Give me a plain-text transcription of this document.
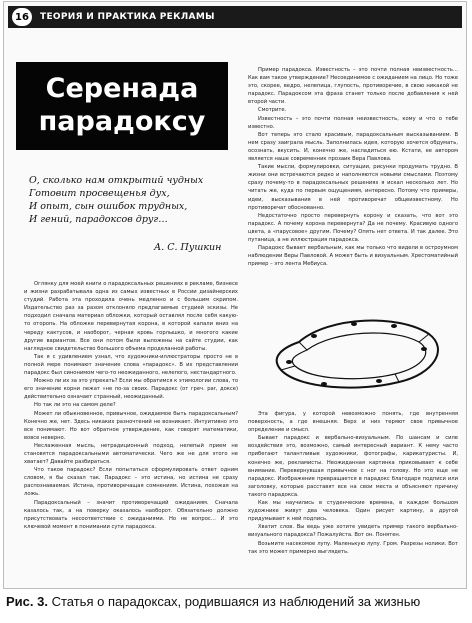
16	ТЕОРИЯ И ПРАКТИКА РЕКЛАМЫ
Серенада
парадоксу
О, сколько нам открытий чудных
Готовит просвещенья дух,
И опыт, сын ошибок трудных,
И гений, парадоксов друг…
А. С. Пушкин

Оглянку для моей книги о парадоксальных решениях в рекламе, бизнесе и жизни разрабатывала одна из самых известных в России дизайнерских студий. Работа эта проходила очень медленно и с большим скрипом. Издательство раз за разом отклоняло предлагаемые студией эскизы. Не подходил сначала материал обложки, который оставлял после себя какую-то оторопь. На обложке перевернутая корона, в которой капали вниз на череду кактусов, и наоборот, черная кровь горлышко, и многого какие другие вариантов. Все они потом были выложены на сайте студии, как наглядное свидетельство большого объема проделанной работы.

Так я с удивлением узнал, что художники-иллюстраторы просто не в полной мере понимают значение слова «парадокс». В их представлении парадокс был синонимом чего-то неожиданного, нелепого, нестандартного.

Можно ли их за это упрекать? Если мы обратимся к этимологии слова, то его значение корни лежат «не по-за своих. Парадокс (от греч. par, доксе) действительно означает странный, неожиданный.

Но так ли это на самом деле?

Может ли обыкновенное, привычное, ожидаемое быть парадоксальным? Конечно же, нет. Здесь никаких разночтений не возникает. Интуитивно это все понимают. Но вот обратное утверждение, как говорят математики, вовсе неверно.

Неслаженная мысль, нетрадиционный подход, нелепый прием не становятся парадоксальными автоматически. Чего же не для этого не хватает? Давайте разбираться.

Что такое парадокс? Если попытаться сформулировать ответ одним словом, я бы сказал так. Парадокс – это истина, но истина не сразу распознаваемая. Истина, противоречащая сомнениям. Истина, похожая на ложь.

Парадоксальный – значит противоречащий ожиданиям. Сначала казалось так, а на поверку оказалось наоборот. Обязательно должно присутствовать несоответствие с ожиданиями. Но не вопрос… И это ключевой момент в понимании сути парадокса.

Пример парадокса. Известность – это почти полная неизвестность… Как вам такое утверждение? Несоединимое с ожиданием на лицо. Но тоже это, скорее, ведро, нелепица, глупость, противоречие, в свою никакой не парадокс. Парадоксом эта фраза станет только после добавления к ней второй части.

Смотрите.

Известность – это почти полная неизвестность, кому и что о тебе известно.

Вот теперь это стало красивым, парадоксальным высказыванием. В нем сразу заиграла мысль. Заполнилась идея, которую хочется обдумать, осознать, вкусить. И, конечно же, насладиться ею. Кстати, ее автором является наше современник прозаик Вера Павлова.

Такие мысли, формулировки, ситуации, рисунки продумать трудно. В жизни они встречаются редко и наполняются новыми смыслами. Поэтому сразу почему-то в парадоксальных решениях я искал несколько лет. Но читать же, куда по первым ощущениям, интересно. Потому что примеры, идеи, высказывания в ней противоречат общеизвестному. Но противоречат обоснованно.

Недостаточно просто перевернуть корону и сказать, что вот это парадокс. А почему корона перевернута? Да не почему. Красивую одного цвета, а «парусовое» другим. Почему? Опять нет ответа. И так далее. Это путаница, а не иллюстрация парадокса.

Парадокс бывает вербальным, как мы только что видели в остроумном наблюдении Веры Павловой. А может быть и визуальным. Хрестоматийный пример – это лента Мебиуса.

Эта фигура, у которой невозможно понять, где внутренняя поверхность, а где внешняя. Верх и низ теряют свое привычное определение и смысл.

Бывает парадокс и вербально-визуальным. По шансам и силе воздействия это, возможно, самый интересный вариант. К нему часто прибегают талантливые художники, фотографы, карикатуристы. И, конечно же, рекламисты. Неожиданная картинка приковывает к себе внимание. Перевернувшая привычное с ног на голову. Но это еще не парадокс. Изображение превращается в парадокс благодаря подписи или заголовку, которые расставят все на свои места и объясняют причину такого парадокса.

Как мы научились в студенческие времена, в каждом большом художнике живут два человека. Один рисует картину, а другой придумывает к ней подпись.

Хватит слов. Вы ведь уже хотите увидеть пример такого вербально-визуального парадокса? Пожалуйста. Вот он. Понятен.

Возьмите насекомое лупу. Маленькую лупу. Гром. Разрезы нолики. Вот так это может примерно выглядеть.

Рис. 3. Статья о парадоксах, родившаяся из наблюдений за жизнью
